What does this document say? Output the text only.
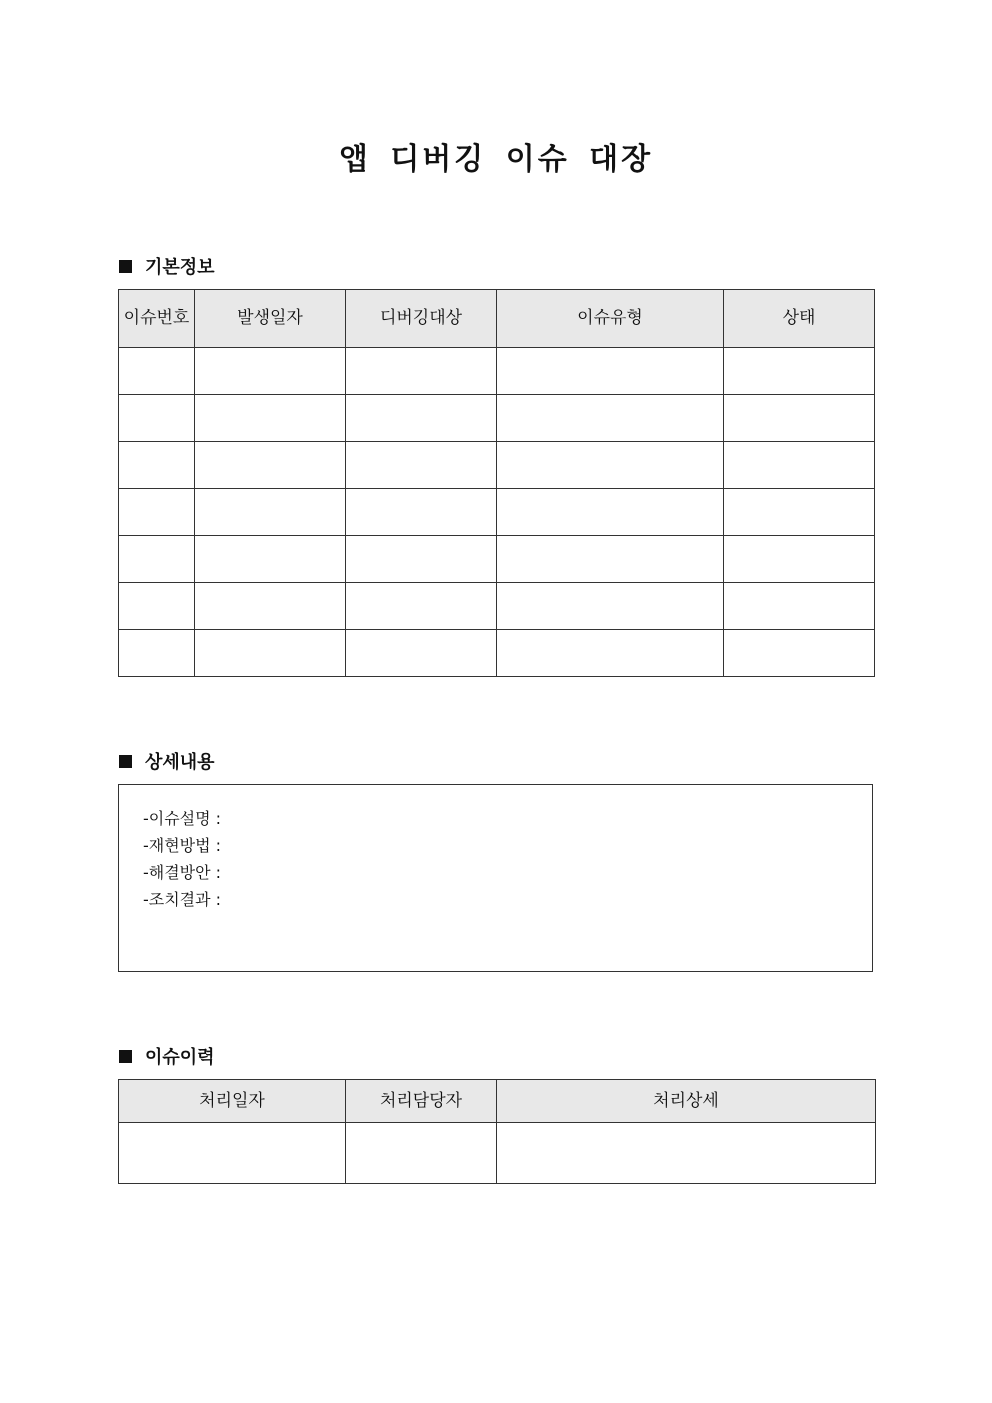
앱 디버깅 이슈 대장
기본정보
이슈번호	발생일자	디버깅대상	이슈유형	상태

상세내용
-이슈설명 :
-재현방법 :
-해결방안 :
-조치결과 :
이슈이력
처리일자	처리담당자	처리상세
